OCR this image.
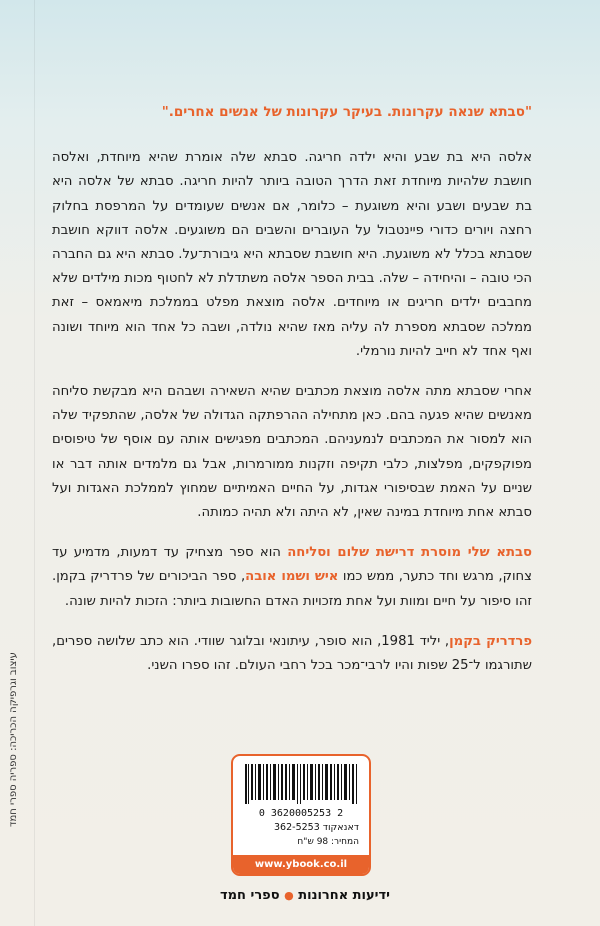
עיצוב וגרפיקה הכריכה: ספריה ספרי חמד

"סבתא שנאה עקרונות. בעיקר עקרונות של אנשים אחרים."

אלסה היא בת שבע והיא ילדה חריגה. סבתא שלה אומרת שהיא מיוחדת, ואלסה חושבת שלהיות מיוחדת זאת הדרך הטובה ביותר להיות חריגה. סבתא של אלסה היא בת שבעים ושבע והיא משוגעת – כלומר, אם אנשים שעומדים על המרפסת בחלוק רחצה ויורים כדורי פיינטבול על העוברים והשבים הם משוגעים. אלסה דווקא חושבת שסבתא בכלל לא משוגעת. היא חושבת שסבתא היא גיבורת־על. סבתא היא גם החברה הכי טובה – והיחידה – שלה. בבית הספר אלסה משתדלת לא לחטוף מכות מילדים שלא מחבבים ילדים חריגים או מיוחדים. אלסה מוצאת מפלט בממלכת מיאמאס – זאת ממלכה שסבתא מספרת לה עליה מאז שהיא נולדה, ושבה כל אחד הוא מיוחד ושונה ואף אחד לא חייב להיות נורמלי.

אחרי שסבתא מתה אלסה מוצאת מכתבים שהיא השאירה ושבהם היא מבקשת סליחה מאנשים שהיא פגעה בהם. כאן מתחילה ההרפתקה הגדולה של אלסה, שהתפקיד שלה הוא למסור את המכתבים לנמעניהם. המכתבים מפגישים אותה עם אוסף של טיפוסים מפוקפקים, מפלצות, כלבי תקיפה וזקנות ממורמרות, אבל גם מלמדים אותה דבר או שניים על האמת שבסיפורי אגדות, על החיים האמיתיים שמחוץ לממלכת האגדות ועל סבתא אחת מיוחדת במינה שאין, לא היתה ולא תהיה כמותה.

סבתא שלי מוסרת דרישת שלום וסליחה הוא ספר מצחיק עד דמעות, מדמיע עד צחוק, מרגש וחד כתער, ממש כמו איש ושמו אובה, ספר הביכורים של פרדריק בקמן. זהו סיפור על חיים ומוות ועל אחת מזכויות האדם החשובות ביותר: הזכות להיות שונה.

פרדריק בקמן, יליד 1981, הוא סופר, עיתונאי ובלוגר שוודי. הוא כתב שלושה ספרים, שתורגמו ל־25 שפות והיו לרבי־מכר בכל רחבי העולם. זהו ספרו השני.

0 3620005253 2
דאנאקוד 362-5253
המחיר: 98 ש"ח
www.ybook.co.il
ידיעות אחרונות ● ספרי חמד
